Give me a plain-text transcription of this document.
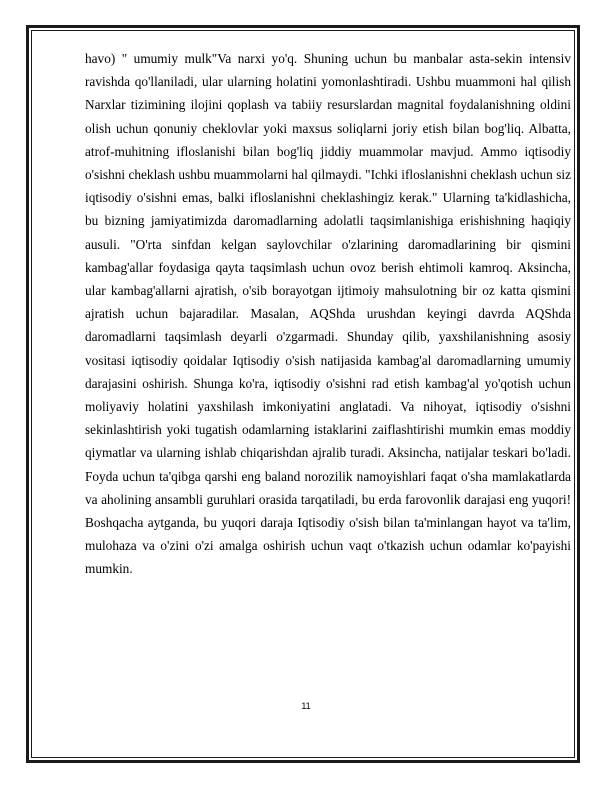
havo) " umumiy mulk"Va narxi yo'q. Shuning uchun bu manbalar asta-sekin intensiv ravishda qo'llaniladi, ular ularning holatini yomonlashtiradi. Ushbu muammoni hal qilish Narxlar tizimining ilojini qoplash va tabiiy resurslardan magnital foydalanishning oldini olish uchun qonuniy cheklovlar yoki maxsus soliqlarni joriy etish bilan bog'liq. Albatta, atrof-muhitning ifloslanishi bilan bog'liq jiddiy muammolar mavjud. Ammo iqtisodiy o'sishni cheklash ushbu muammolarni hal qilmaydi. "Ichki ifloslanishni cheklash uchun siz iqtisodiy o'sishni emas, balki ifloslanishni cheklashingiz kerak." Ularning ta'kidlashicha, bu bizning jamiyatimizda daromadlarning adolatli taqsimlanishiga erishishning haqiqiy ausuli. "O'rta sinfdan kelgan saylovchilar o'zlarining daromadlarining bir qismini kambag'allar foydasiga qayta taqsimlash uchun ovoz berish ehtimoli kamroq. Aksincha, ular kambag'allarni ajratish, o'sib borayotgan ijtimoiy mahsulotning bir oz katta qismini ajratish uchun bajaradilar. Masalan, AQShda urushdan keyingi davrda AQShda daromadlarni taqsimlash deyarli o'zgarmadi. Shunday qilib, yaxshilanishning asosiy vositasi iqtisodiy qoidalar Iqtisodiy o'sish natijasida kambag'al daromadlarning umumiy darajasini oshirish. Shunga ko'ra, iqtisodiy o'sishni rad etish kambag'al yo'qotish uchun moliyaviy holatini yaxshilash imkoniyatini anglatadi. Va nihoyat, iqtisodiy o'sishni sekinlashtirish yoki tugatish odamlarning istaklarini zaiflashtirishi mumkin emas moddiy qiymatlar va ularning ishlab chiqarishdan ajralib turadi. Aksincha, natijalar teskari bo'ladi. Foyda uchun ta'qibga qarshi eng baland norozilik namoyishlari faqat o'sha mamlakatlarda va aholining ansambli guruhlari orasida tarqatiladi, bu erda farovonlik darajasi eng yuqori! Boshqacha aytganda, bu yuqori daraja Iqtisodiy o'sish bilan ta'minlangan hayot va ta'lim, mulohaza va o'zini o'zi amalga oshirish uchun vaqt o'tkazish uchun odamlar ko'payishi mumkin.

11
